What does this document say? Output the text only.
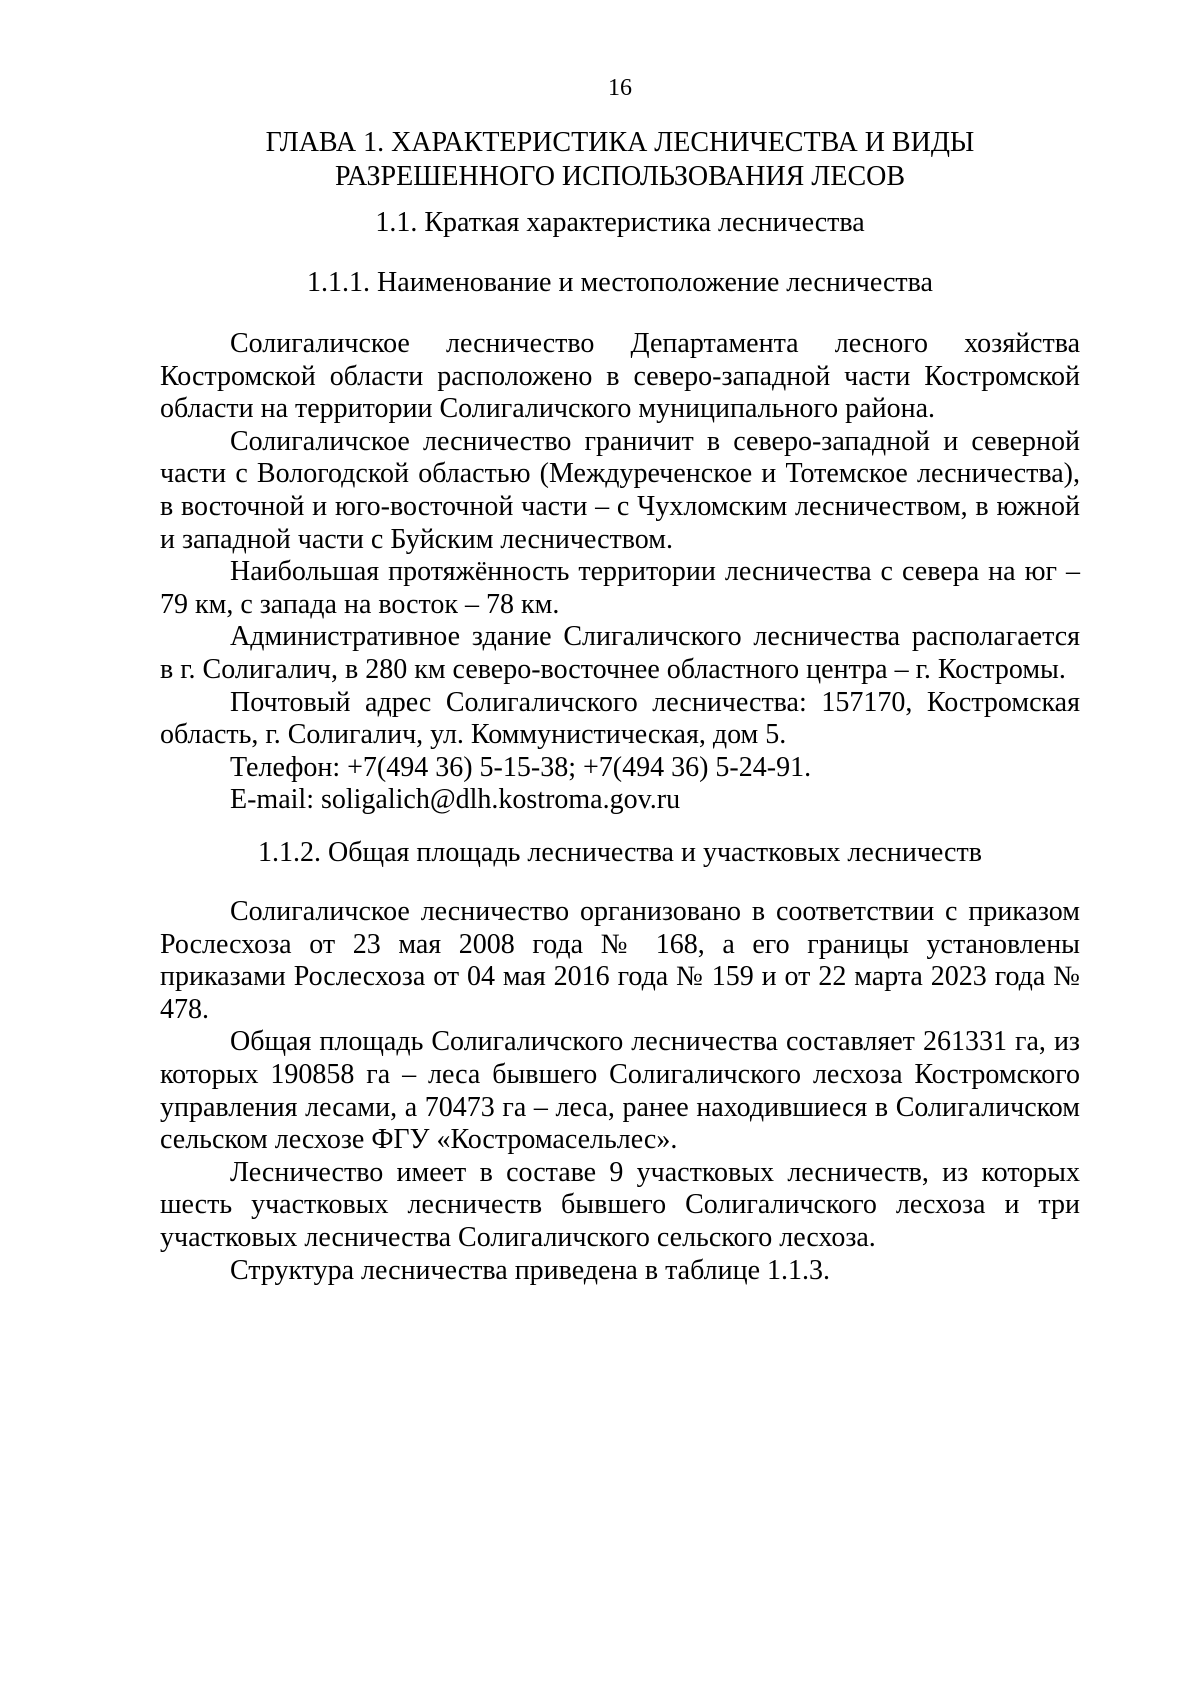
16
ГЛАВА 1. ХАРАКТЕРИСТИКА ЛЕСНИЧЕСТВА И ВИДЫ
РАЗРЕШЕННОГО ИСПОЛЬЗОВАНИЯ ЛЕСОВ
1.1. Краткая характеристика лесничества
1.1.1. Наименование и местоположение лесничества

Солигаличское лесничество Департамента лесного хозяйства Костромской области расположено в северо-западной части Костромской области на территории Солигаличского муниципального района.

Солигаличское лесничество граничит в северо-западной и северной части с Вологодской областью (Междуреченское и Тотемское лесничества), в восточной и юго-восточной части – с Чухломским лесничеством, в южной и западной части с Буйским лесничеством.

Наибольшая протяжённость территории лесничества с севера на юг – 79 км, с запада на восток – 78 км.

Административное здание Слигаличского лесничества располагается в г. Солигалич, в 280 км северо-восточнее областного центра – г. Костромы.

Почтовый адрес Солигаличского лесничества: 157170, Костромская область, г. Солигалич, ул. Коммунистическая, дом 5.

Телефон: +7(494 36) 5-15-38; +7(494 36) 5-24-91.

E-mail: soligalich@dlh.kostroma.gov.ru

1.1.2. Общая площадь лесничества и участковых лесничеств

Солигаличское лесничество организовано в соответствии с приказом Рослесхоза от 23 мая 2008 года № 168, а его границы установлены приказами Рослесхоза от 04 мая 2016 года № 159 и от 22 марта 2023 года № 478.

Общая площадь Солигаличского лесничества составляет 261331 га, из которых 190858 га – леса бывшего Солигаличского лесхоза Костромского управления лесами, а 70473 га – леса, ранее находившиеся в Солигаличском сельском лесхозе ФГУ «Костромасельлес».

Лесничество имеет в составе 9 участковых лесничеств, из которых шесть участковых лесничеств бывшего Солигаличского лесхоза и три участковых лесничества Солигаличского сельского лесхоза.

Структура лесничества приведена в таблице 1.1.3.
